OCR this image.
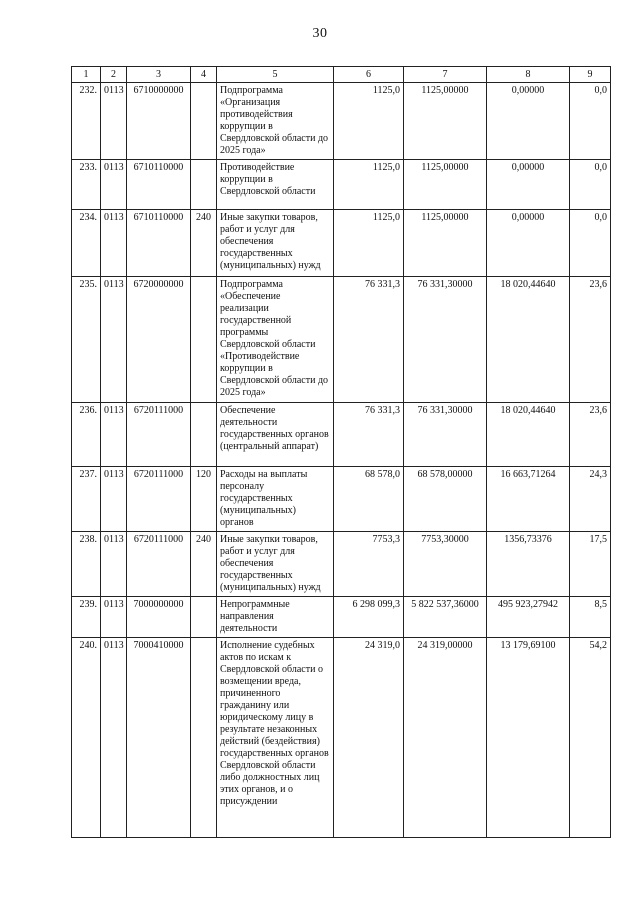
30
1	2	3	4	5	6	7	8	9
232.	0113	6710000000		Подпрограмма «Организация противодействия коррупции в Свердловской области до 2025 года»	1125,0	1125,00000	0,00000	0,0
233.	0113	6710110000		Противодействие коррупции в Свердловской области	1125,0	1125,00000	0,00000	0,0
234.	0113	6710110000	240	Иные закупки товаров, работ и услуг для обеспечения государственных (муниципальных) нужд	1125,0	1125,00000	0,00000	0,0
235.	0113	6720000000		Подпрограмма «Обеспечение реализации государственной программы Свердловской области «Противодействие коррупции в Свердловской области до 2025 года»	76 331,3	76 331,30000	18 020,44640	23,6
236.	0113	6720111000		Обеспечение деятельности государственных органов (центральный аппарат)	76 331,3	76 331,30000	18 020,44640	23,6
237.	0113	6720111000	120	Расходы на выплаты персоналу государственных (муниципальных) органов	68 578,0	68 578,00000	16 663,71264	24,3
238.	0113	6720111000	240	Иные закупки товаров, работ и услуг для обеспечения государственных (муниципальных) нужд	7753,3	7753,30000	1356,73376	17,5
239.	0113	7000000000		Непрограммные направления деятельности	6 298 099,3	5 822 537,36000	495 923,27942	8,5
240.	0113	7000410000		Исполнение судебных актов по искам к Свердловской области о возмещении вреда, причиненного гражданину или юридическому лицу в результате незаконных действий (бездействия) государственных органов Свердловской области либо должностных лиц этих органов, и о присуждении	24 319,0	24 319,00000	13 179,69100	54,2
